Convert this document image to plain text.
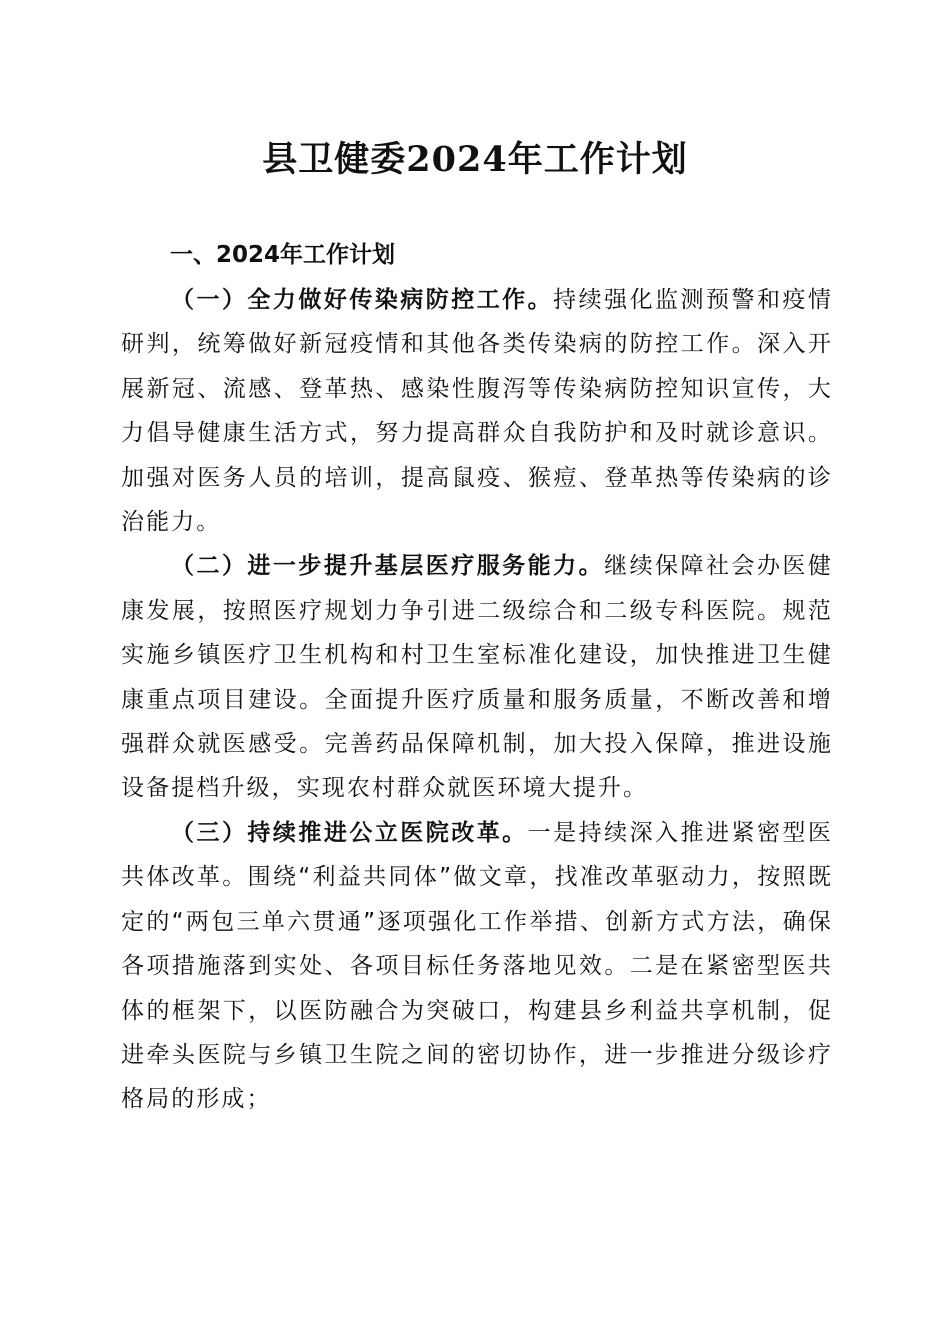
县卫健委2024年工作计划
一、2024年工作计划

（一）全力做好传染病防控工作。持续强化监测预警和疫情研判，统筹做好新冠疫情和其他各类传染病的防控工作。深入开展新冠、流感、登革热、感染性腹泻等传染病防控知识宣传，大力倡导健康生活方式，努力提高群众自我防护和及时就诊意识。加强对医务人员的培训，提高鼠疫、猴痘、登革热等传染病的诊治能力。

（二）进一步提升基层医疗服务能力。继续保障社会办医健康发展，按照医疗规划力争引进二级综合和二级专科医院。规范实施乡镇医疗卫生机构和村卫生室标准化建设，加快推进卫生健康重点项目建设。全面提升医疗质量和服务质量，不断改善和增强群众就医感受。完善药品保障机制，加大投入保障，推进设施设备提档升级，实现农村群众就医环境大提升。

（三）持续推进公立医院改革。一是持续深入推进紧密型医共体改革。围绕“利益共同体”做文章，找准改革驱动力，按照既定的“两包三单六贯通”逐项强化工作举措、创新方式方法，确保各项措施落到实处、各项目标任务落地见效。二是在紧密型医共体的框架下，以医防融合为突破口，构建县乡利益共享机制，促进牵头医院与乡镇卫生院之间的密切协作，进一步推进分级诊疗格局的形成；
